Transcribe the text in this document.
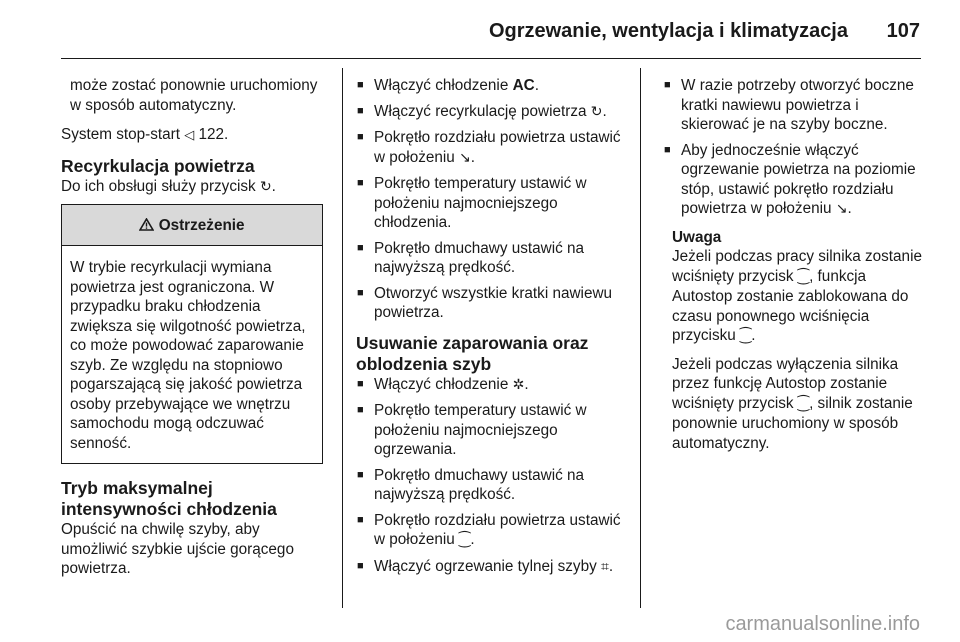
Ogrzewanie, wentylacja i klimatyzacja 107

może zostać ponownie uruchomiony w sposób automatyczny.

System stop-start ◁ 122.

Recyrkulacja powietrza

Do ich obsługi służy przycisk ↻.

Ostrzeżenie
W trybie recyrkulacji wymiana powietrza jest ograniczona. W przypadku braku chłodzenia zwiększa się wilgotność powietrza, co może powodować zaparowanie szyb. Ze względu na stopniowo pogarszającą się jakość powietrza osoby przebywające we wnętrzu samochodu mogą odczuwać senność.
Tryb maksymalnej intensywności chłodzenia

Opuścić na chwilę szyby, aby umożliwić szybkie ujście gorącego powietrza.

■ Włączyć chłodzenie AC.
■ Włączyć recyrkulację powietrza ↻.
■ Pokrętło rozdziału powietrza ustawić w położeniu ↘.
■ Pokrętło temperatury ustawić w położeniu najmocniejszego chłodzenia.
■ Pokrętło dmuchawy ustawić na najwyższą prędkość.
■ Otworzyć wszystkie kratki nawiewu powietrza.
Usuwanie zaparowania oraz oblodzenia szyb
■ Włączyć chłodzenie ✲.
■ Pokrętło temperatury ustawić w położeniu najmocniejszego ogrzewania.
■ Pokrętło dmuchawy ustawić na najwyższą prędkość.
■ Pokrętło rozdziału powietrza ustawić w położeniu ⁐.
■ Włączyć ogrzewanie tylnej szyby ⌗.
■ W razie potrzeby otworzyć boczne kratki nawiewu powietrza i skierować je na szyby boczne.
■ Aby jednocześnie włączyć ogrzewanie powietrza na poziomie stóp, ustawić pokrętło rozdziału powietrza w położeniu ↘.

Uwaga

Jeżeli podczas pracy silnika zostanie wciśnięty przycisk ⁐, funkcja Autostop zostanie zablokowana do czasu ponownego wciśnięcia przycisku ⁐.

Jeżeli podczas wyłączenia silnika przez funkcję Autostop zostanie wciśnięty przycisk ⁐, silnik zostanie ponownie uruchomiony w sposób automatyczny.

carmanualsonline.info
